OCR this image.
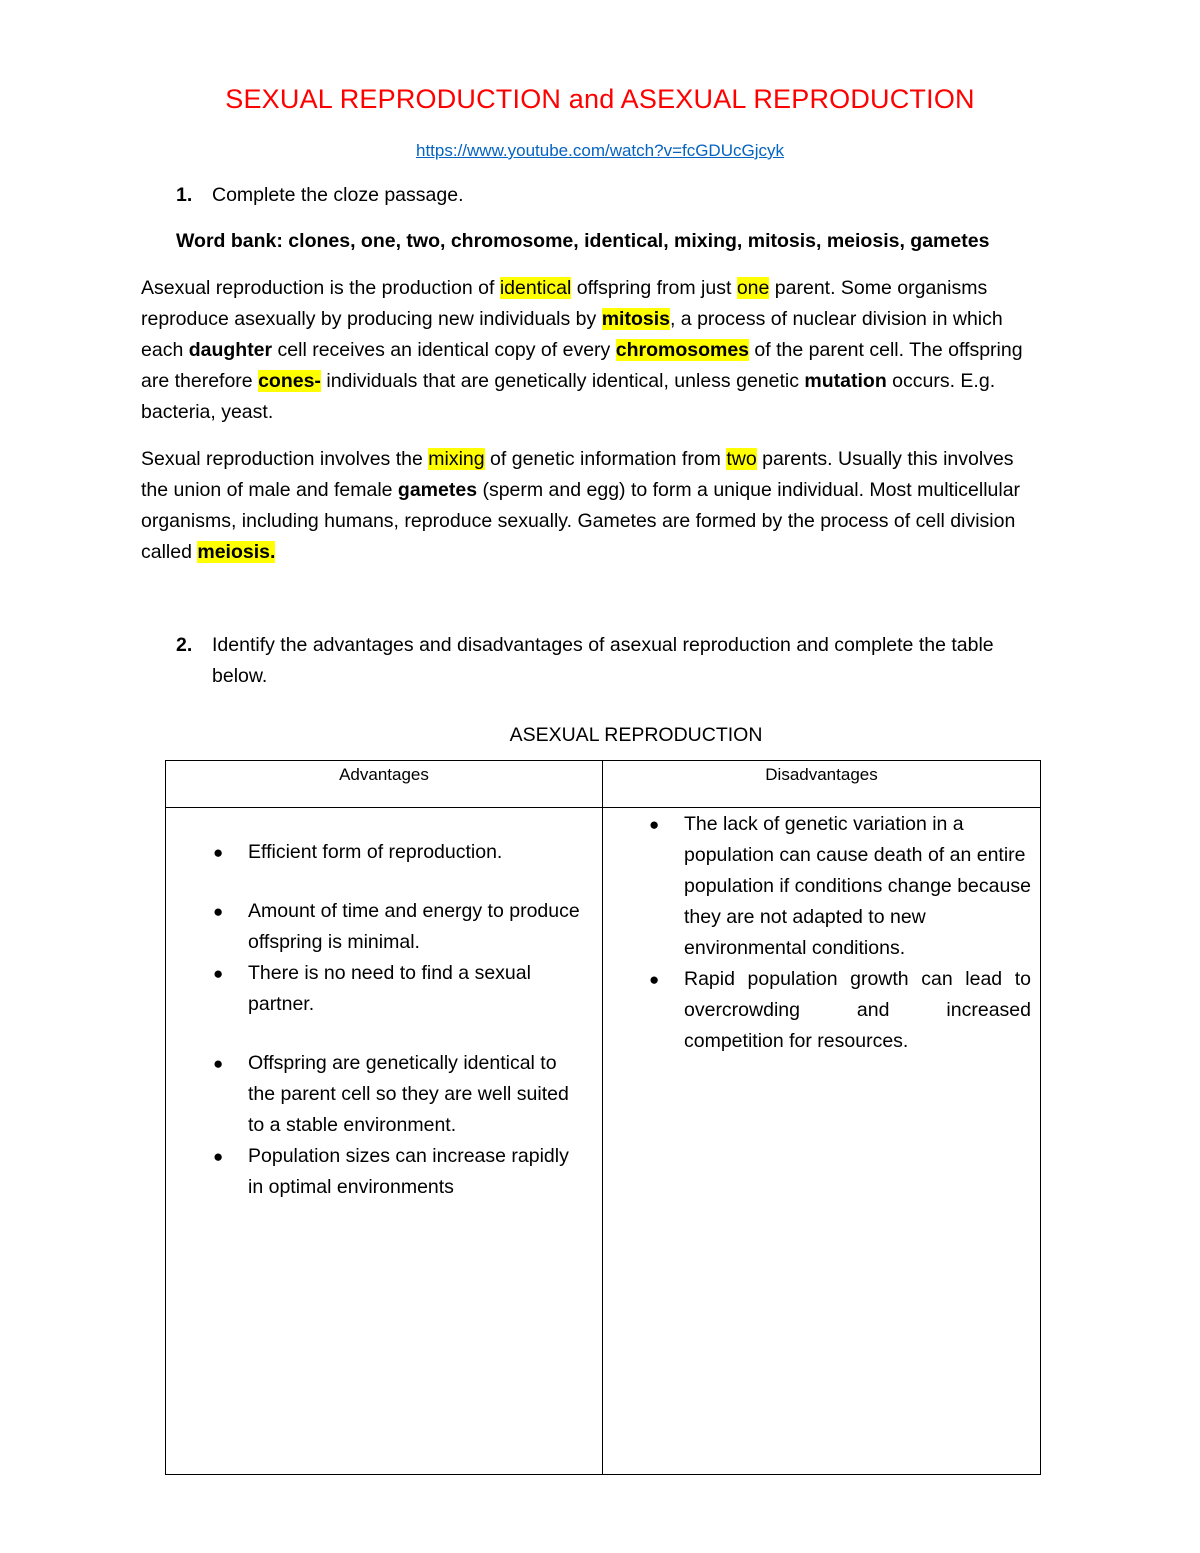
SEXUAL REPRODUCTION and ASEXUAL REPRODUCTION
https://www.youtube.com/watch?v=fcGDUcGjcyk
1. Complete the cloze passage.
Word bank: clones, one, two, chromosome, identical, mixing, mitosis, meiosis, gametes
Asexual reproduction is the production of identical offspring from just one parent. Some organisms reproduce asexually by producing new individuals by mitosis, a process of nuclear division in which each daughter cell receives an identical copy of every chromosomes of the parent cell. The offspring are therefore cones- individuals that are genetically identical, unless genetic mutation occurs. E.g. bacteria, yeast.
Sexual reproduction involves the mixing of genetic information from two parents. Usually this involves the union of male and female gametes (sperm and egg) to form a unique individual. Most multicellular organisms, including humans, reproduce sexually. Gametes are formed by the process of cell division called meiosis.
2. Identify the advantages and disadvantages of asexual reproduction and complete the table below.
ASEXUAL REPRODUCTION
Advantages	Disadvantages
● Efficient form of reproduction.
● Amount of time and energy to produce offspring is minimal.
● There is no need to find a sexual partner.
● Offspring are genetically identical to the parent cell so they are well suited to a stable environment.
● Population sizes can increase rapidly in optimal environments
● The lack of genetic variation in a population can cause death of an entire population if conditions change because they are not adapted to new environmental conditions.
● Rapid population growth can lead to overcrowding and increased competition for resources.
